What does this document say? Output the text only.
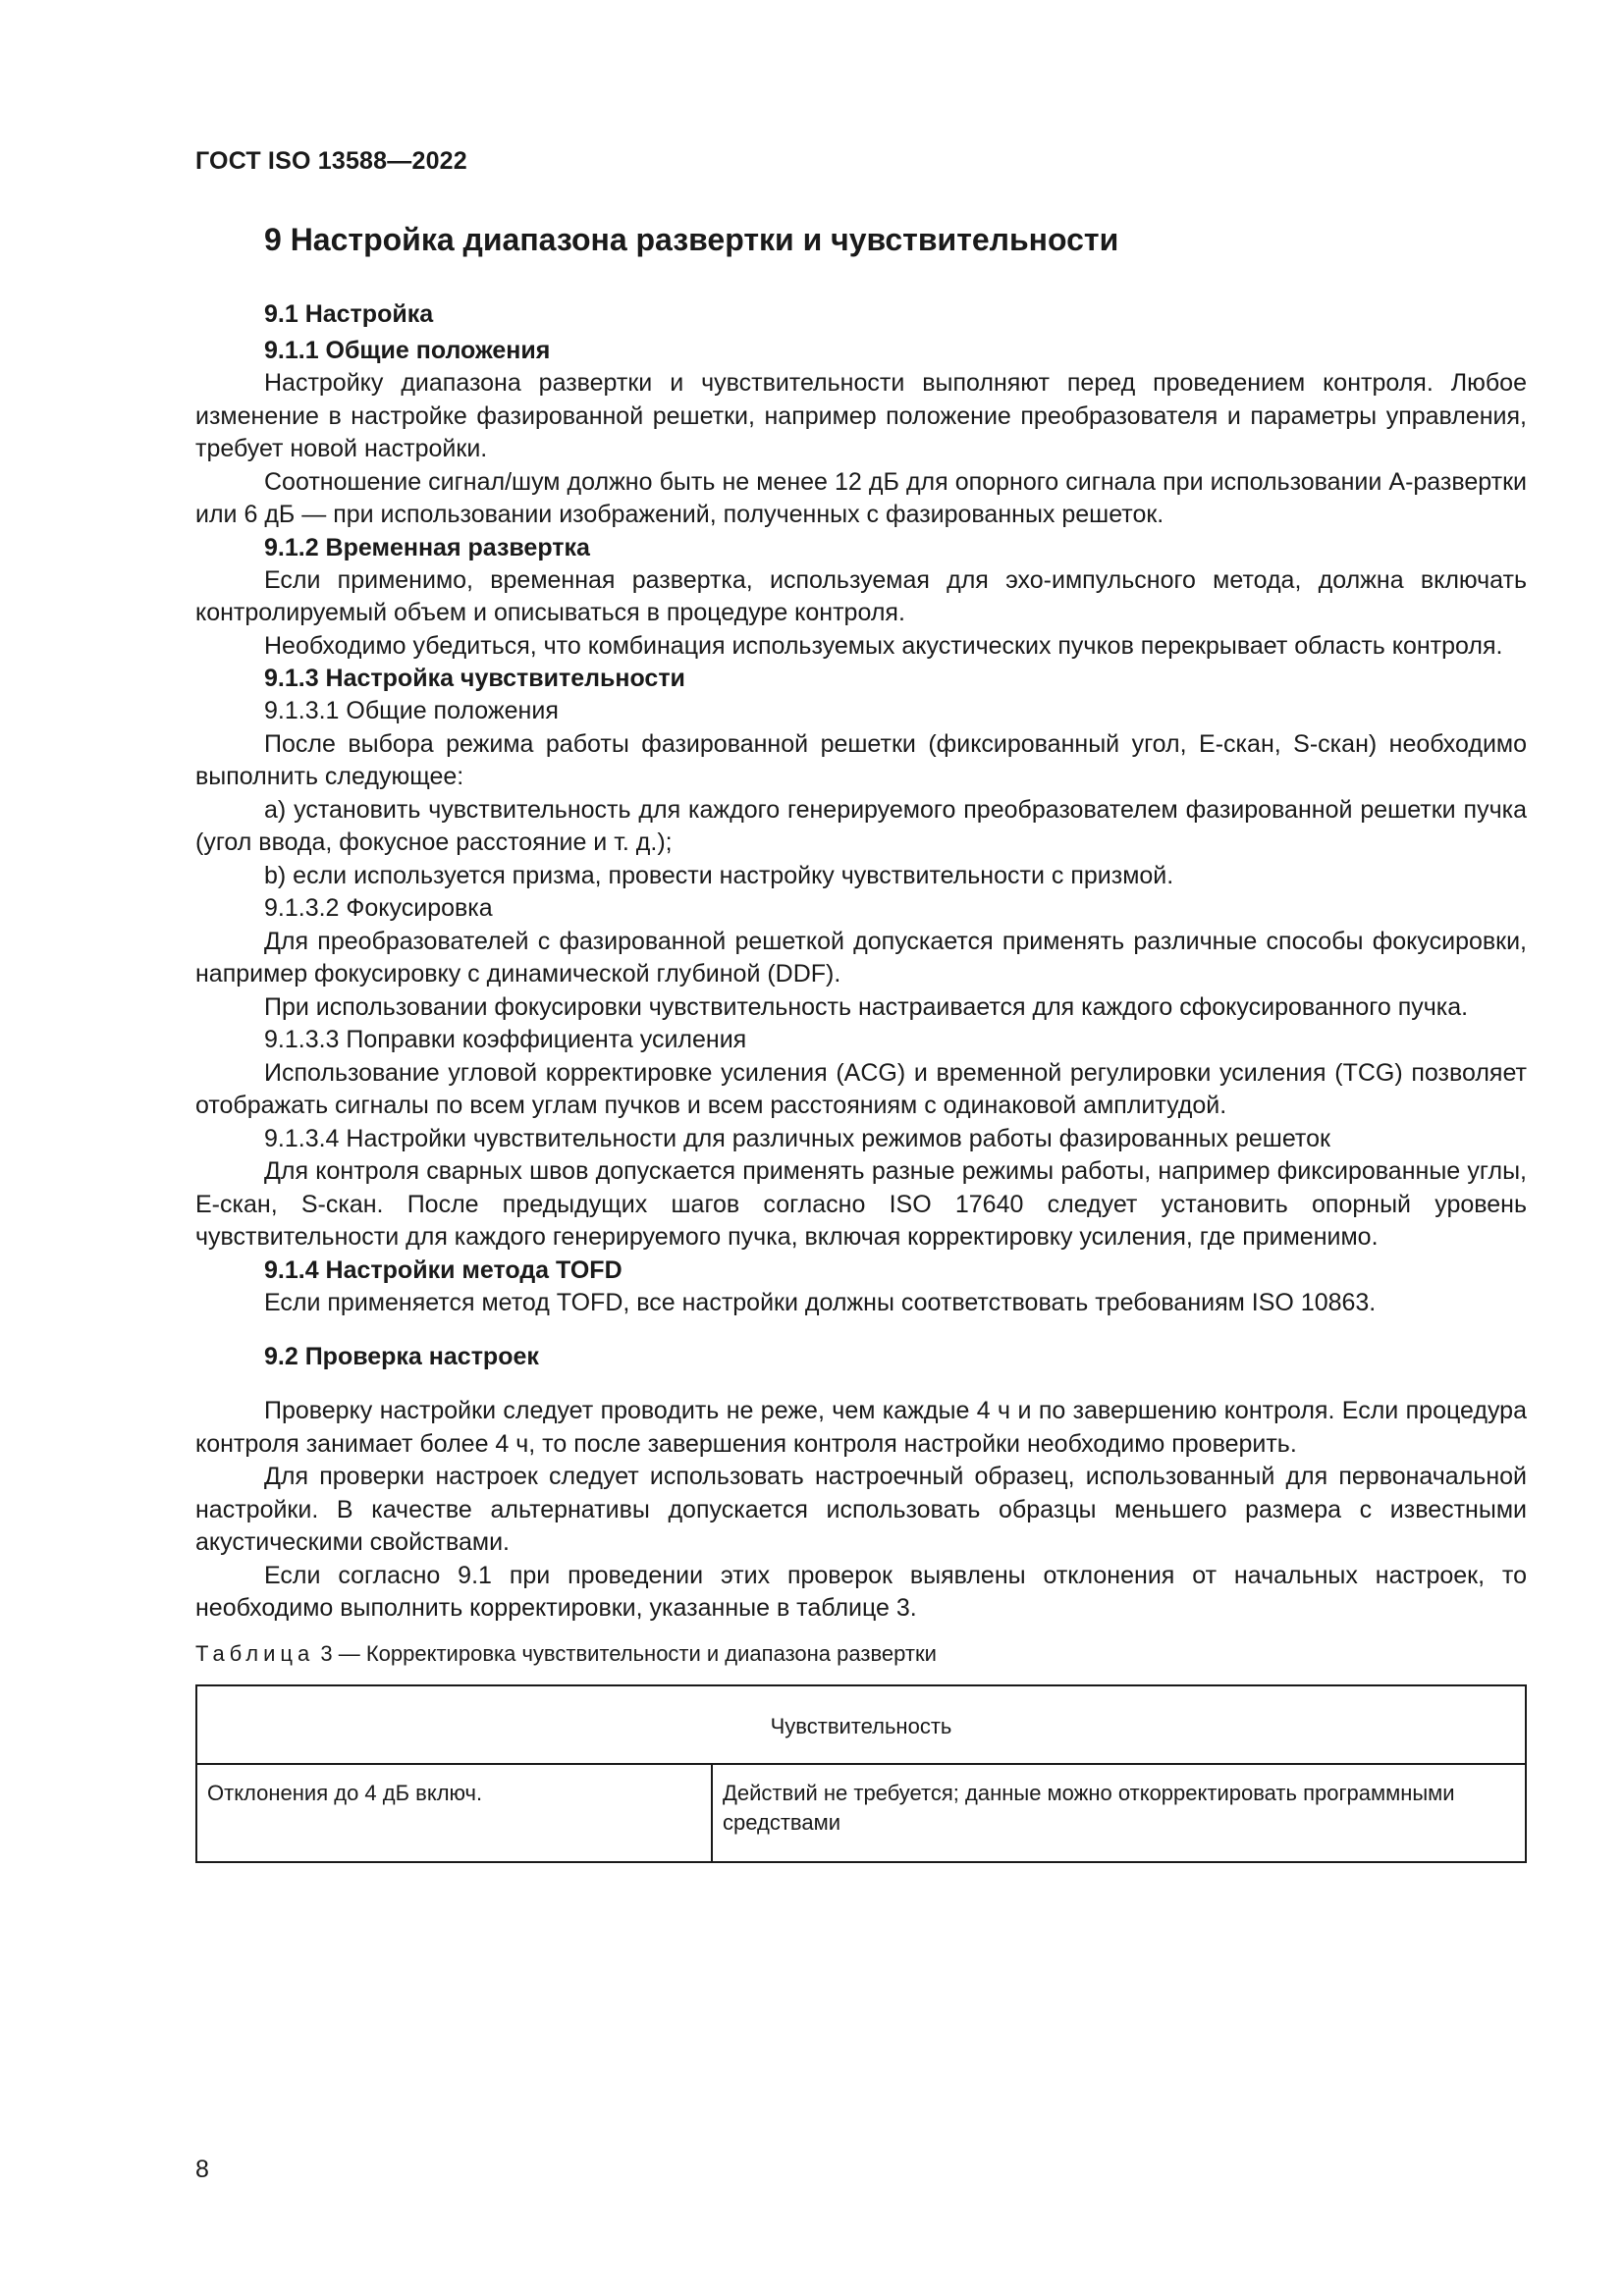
ГОСТ ISO 13588—2022
9 Настройка диапазона развертки и чувствительности
9.1 Настройка
9.1.1 Общие положения

Настройку диапазона развертки и чувствительности выполняют перед проведением контроля. Любое изменение в настройке фазированной решетки, например положение преобразователя и параметры управления, требует новой настройки.

Соотношение сигнал/шум должно быть не менее 12 дБ для опорного сигнала при использовании A-развертки или 6 дБ — при использовании изображений, полученных с фазированных решеток.

9.1.2 Временная развертка

Если применимо, временная развертка, используемая для эхо-импульсного метода, должна включать контролируемый объем и описываться в процедуре контроля.

Необходимо убедиться, что комбинация используемых акустических пучков перекрывает область контроля.

9.1.3 Настройка чувствительности
9.1.3.1 Общие положения

После выбора режима работы фазированной решетки (фиксированный угол, E-скан, S-скан) необходимо выполнить следующее:

a) установить чувствительность для каждого генерируемого преобразователем фазированной решетки пучка (угол ввода, фокусное расстояние и т. д.);

b) если используется призма, провести настройку чувствительности с призмой.

9.1.3.2 Фокусировка

Для преобразователей с фазированной решеткой допускается применять различные способы фокусировки, например фокусировку с динамической глубиной (DDF).

При использовании фокусировки чувствительность настраивается для каждого сфокусированного пучка.

9.1.3.3 Поправки коэффициента усиления

Использование угловой корректировке усиления (ACG) и временной регулировки усиления (TCG) позволяет отображать сигналы по всем углам пучков и всем расстояниям с одинаковой амплитудой.

9.1.3.4 Настройки чувствительности для различных режимов работы фазированных решеток

Для контроля сварных швов допускается применять разные режимы работы, например фиксированные углы, E-скан, S-скан. После предыдущих шагов согласно ISO 17640 следует установить опорный уровень чувствительности для каждого генерируемого пучка, включая корректировку усиления, где применимо.

9.1.4 Настройки метода TOFD

Если применяется метод TOFD, все настройки должны соответствовать требованиям ISO 10863.

9.2 Проверка настроек

Проверку настройки следует проводить не реже, чем каждые 4 ч и по завершению контроля. Если процедура контроля занимает более 4 ч, то после завершения контроля настройки необходимо проверить.

Для проверки настроек следует использовать настроечный образец, использованный для первоначальной настройки. В качестве альтернативы допускается использовать образцы меньшего размера с известными акустическими свойствами.

Если согласно 9.1 при проведении этих проверок выявлены отклонения от начальных настроек, то необходимо выполнить корректировки, указанные в таблице 3.

Таблица 3 — Корректировка чувствительности и диапазона развертки
Чувствительность
Отклонения до 4 дБ включ.	Действий не требуется; данные можно откорректировать программными средствами
8
